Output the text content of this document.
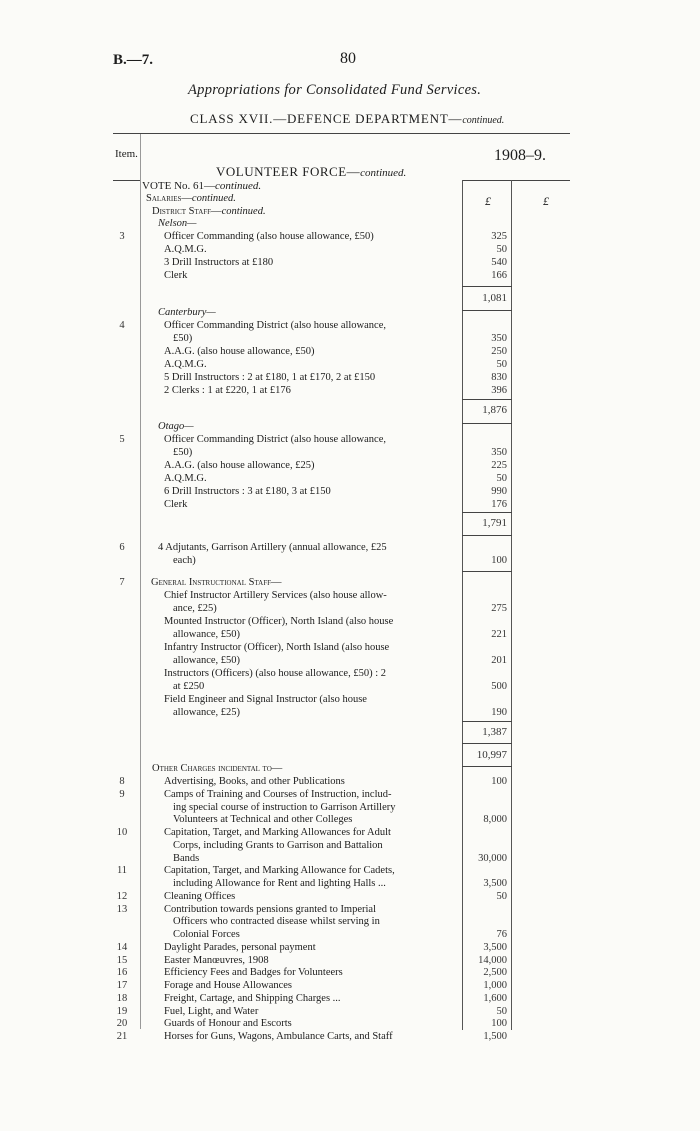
B.—7.	80
Appropriations for Consolidated Fund Services.
CLASS XVII.—DEFENCE DEPARTMENT—continued.
Item.	1908–9.
VOLUNTEER FORCE—continued.
VOTE No. 61—continued.
Salaries—continued.
District Staff—continued.
£	£
Nelson—
3	Officer Commanding (also house allowance, £50)	325
A.Q.M.G.	50
3 Drill Instructors at £180	540
Clerk	166
1,081
Canterbury—
4	Officer Commanding District (also house allowance,
£50)	350
A.A.G. (also house allowance, £50)	250
A.Q.M.G.	50
5 Drill Instructors : 2 at £180, 1 at £170, 2 at £150	830
2 Clerks : 1 at £220, 1 at £176	396
1,876
Otago—
5	Officer Commanding District (also house allowance,
£50)	350
A.A.G. (also house allowance, £25)	225
A.Q.M.G.	50
6 Drill Instructors : 3 at £180, 3 at £150	990
Clerk	176
1,791
6	4 Adjutants, Garrison Artillery (annual allowance, £25
each)	100
7	General Instructional Staff—
Chief Instructor Artillery Services (also house allow-
ance, £25)	275
Mounted Instructor (Officer), North Island (also house
allowance, £50)	221
Infantry Instructor (Officer), North Island (also house
allowance, £50)	201
Instructors (Officers) (also house allowance, £50) : 2
at £250	500
Field Engineer and Signal Instructor (also house
allowance, £25)	190
1,387
10,997
Other Charges incidental to—
8	Advertising, Books, and other Publications	100
9	Camps of Training and Courses of Instruction, includ-
ing special course of instruction to Garrison Artillery
Volunteers at Technical and other Colleges	8,000
10	Capitation, Target, and Marking Allowances for Adult
Corps, including Grants to Garrison and Battalion
Bands	30,000
11	Capitation, Target, and Marking Allowance for Cadets,
including Allowance for Rent and lighting Halls ...	3,500
12	Cleaning Offices	50
13	Contribution towards pensions granted to Imperial
Officers who contracted disease whilst serving in
Colonial Forces	76
14	Daylight Parades, personal payment	3,500
15	Easter Manœuvres, 1908	14,000
16	Efficiency Fees and Badges for Volunteers	2,500
17	Forage and House Allowances	1,000
18	Freight, Cartage, and Shipping Charges ...	1,600
19	Fuel, Light, and Water	50
20	Guards of Honour and Escorts	100
21	Horses for Guns, Wagons, Ambulance Carts, and Staff	1,500
